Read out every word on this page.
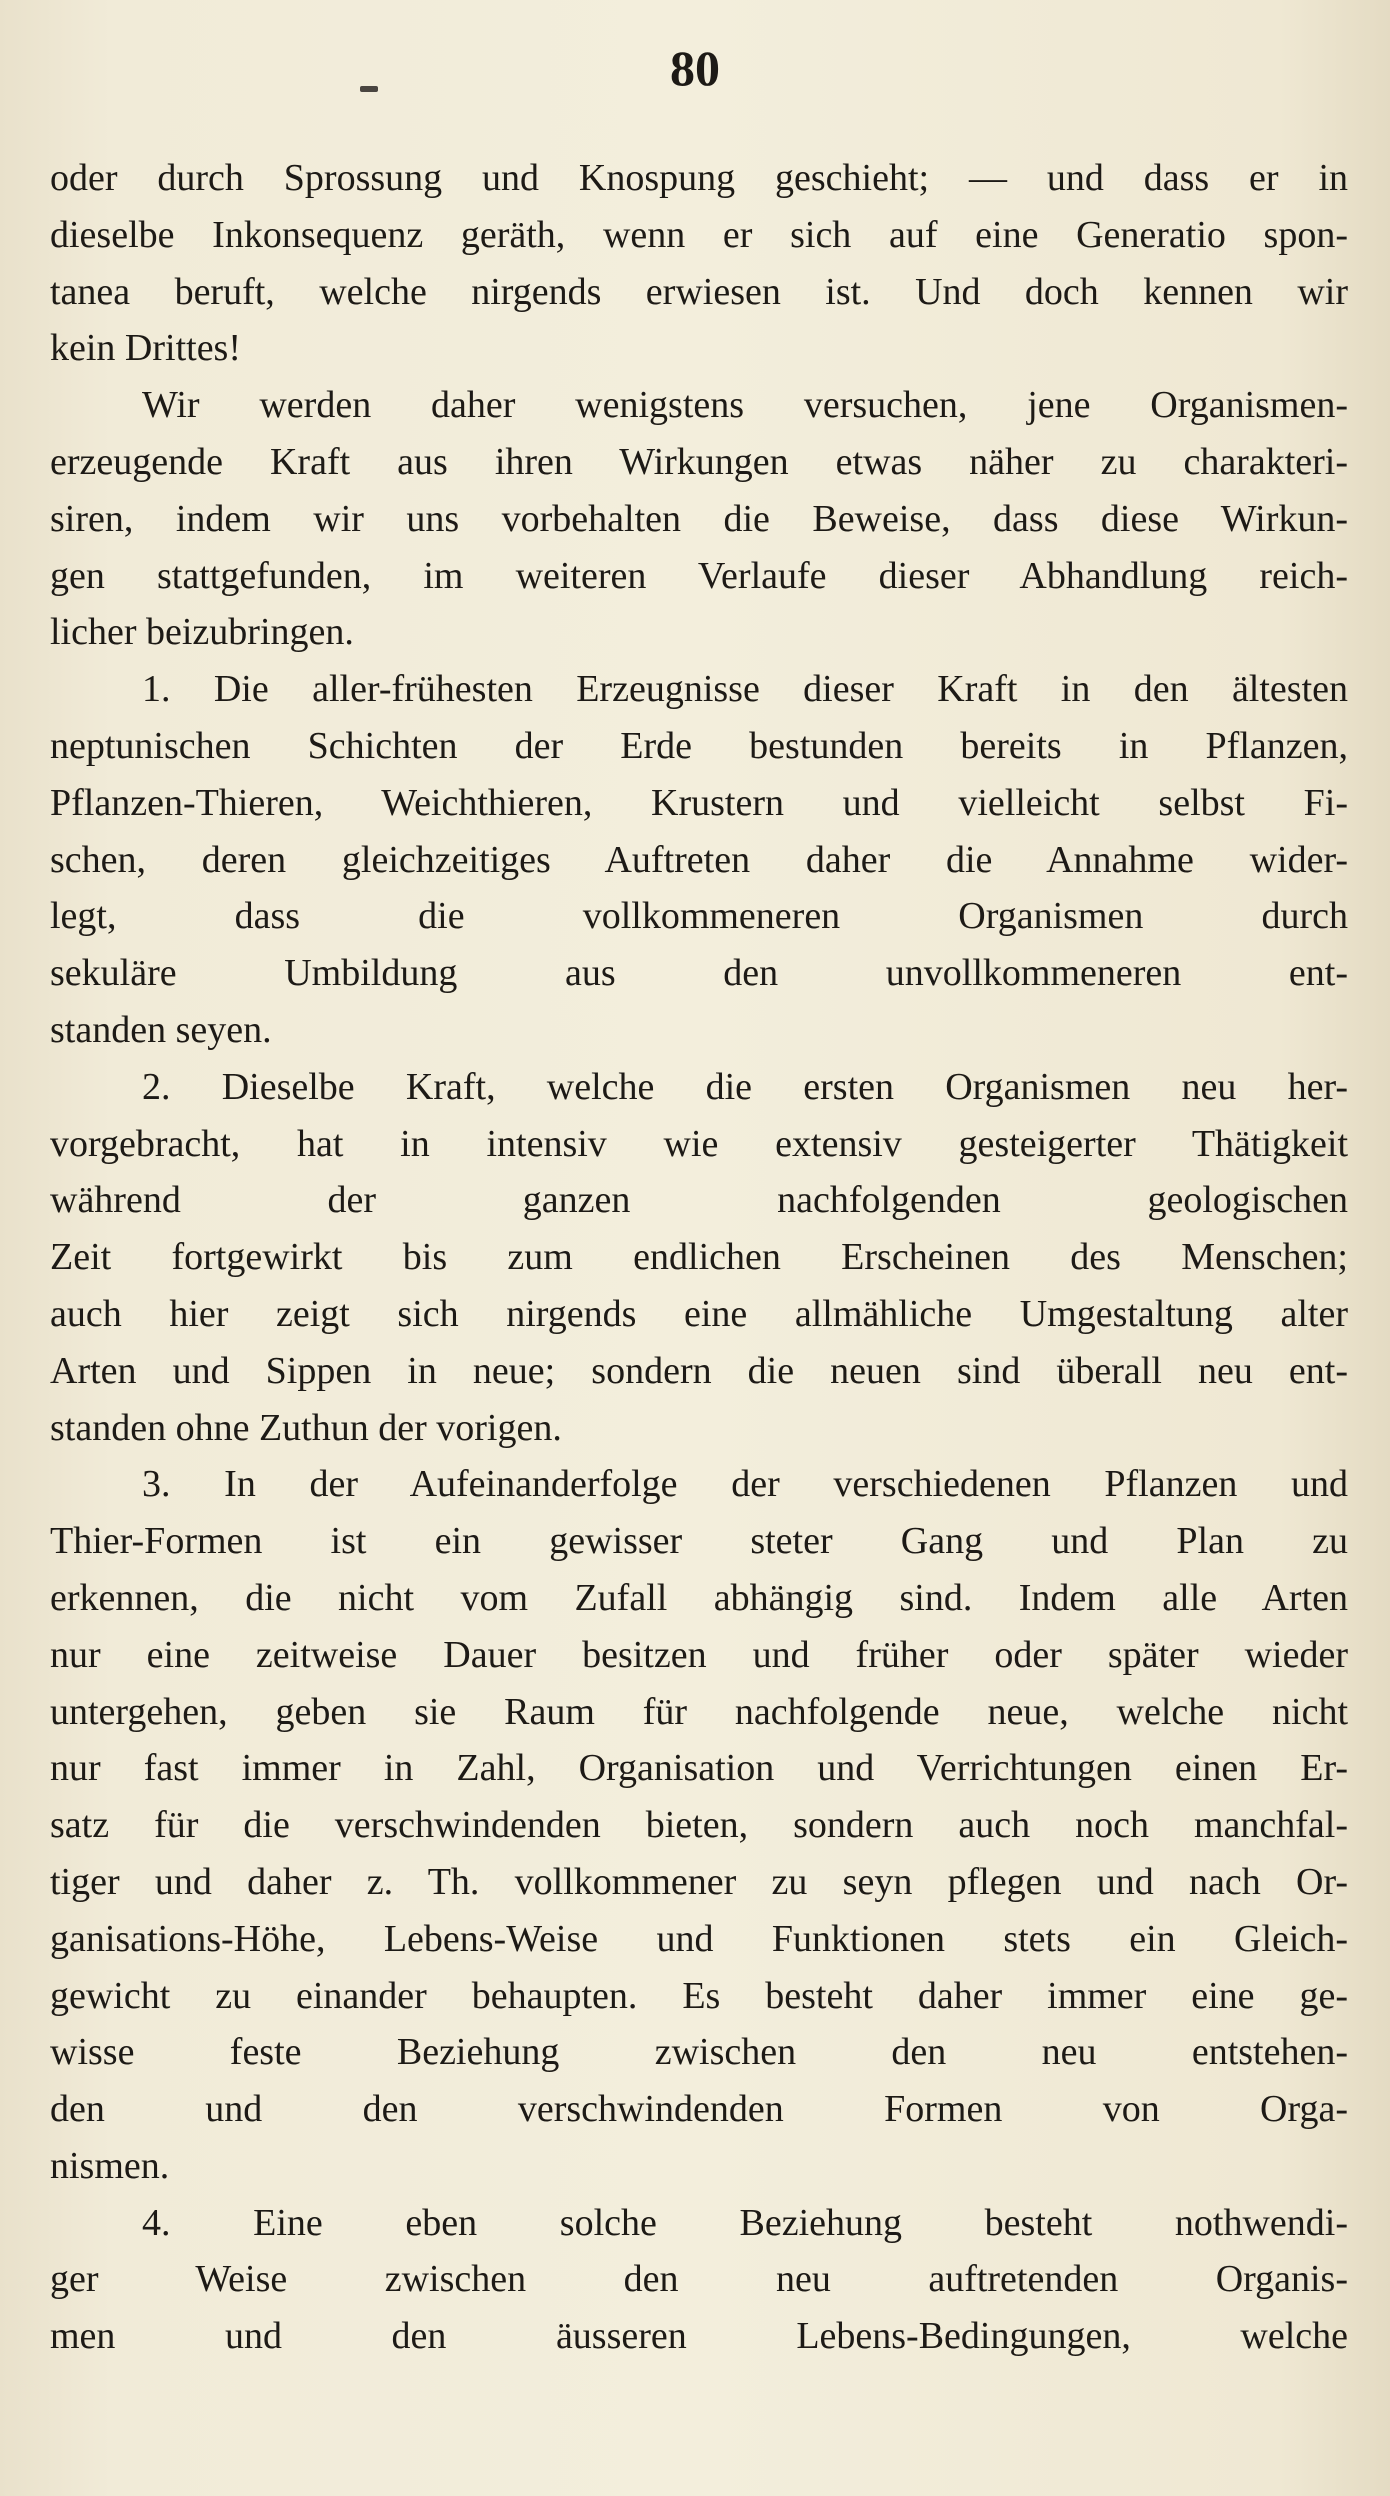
80
oder durch Sprossung und Knospung geschieht; — und dass er in
dieselbe Inkonsequenz geräth, wenn er sich auf eine Generatio spon-
tanea beruft, welche nirgends erwiesen ist. Und doch kennen wir
kein Drittes!
Wir werden daher wenigstens versuchen, jene Organismen-
erzeugende Kraft aus ihren Wirkungen etwas näher zu charakteri-
siren, indem wir uns vorbehalten die Beweise, dass diese Wirkun-
gen stattgefunden, im weiteren Verlaufe dieser Abhandlung reich-
licher beizubringen.
1. Die aller-frühesten Erzeugnisse dieser Kraft in den ältesten
neptunischen Schichten der Erde bestunden bereits in Pflanzen,
Pflanzen-Thieren, Weichthieren, Krustern und vielleicht selbst Fi-
schen, deren gleichzeitiges Auftreten daher die Annahme wider-
legt, dass die vollkommeneren Organismen durch
sekuläre Umbildung aus den unvollkommeneren ent-
standen seyen.
2. Dieselbe Kraft, welche die ersten Organismen neu her-
vorgebracht, hat in intensiv wie extensiv gesteigerter Thätigkeit
während der ganzen nachfolgenden geologischen
Zeit fortgewirkt bis zum endlichen Erscheinen des Menschen;
auch hier zeigt sich nirgends eine allmähliche Umgestaltung alter
Arten und Sippen in neue; sondern die neuen sind überall neu ent-
standen ohne Zuthun der vorigen.
3. In der Aufeinanderfolge der verschiedenen Pflanzen und
Thier-Formen ist ein gewisser steter Gang und Plan zu
erkennen, die nicht vom Zufall abhängig sind. Indem alle Arten
nur eine zeitweise Dauer besitzen und früher oder später wieder
untergehen, geben sie Raum für nachfolgende neue, welche nicht
nur fast immer in Zahl, Organisation und Verrichtungen einen Er-
satz für die verschwindenden bieten, sondern auch noch manchfal-
tiger und daher z. Th. vollkommener zu seyn pflegen und nach Or-
ganisations-Höhe, Lebens-Weise und Funktionen stets ein Gleich-
gewicht zu einander behaupten. Es besteht daher immer eine ge-
wisse feste Beziehung zwischen den neu entstehen-
den und den verschwindenden Formen von Orga-
nismen.
4. Eine eben solche Beziehung besteht nothwendi-
ger Weise zwischen den neu auftretenden Organis-
men und den äusseren Lebens-Bedingungen, welche
